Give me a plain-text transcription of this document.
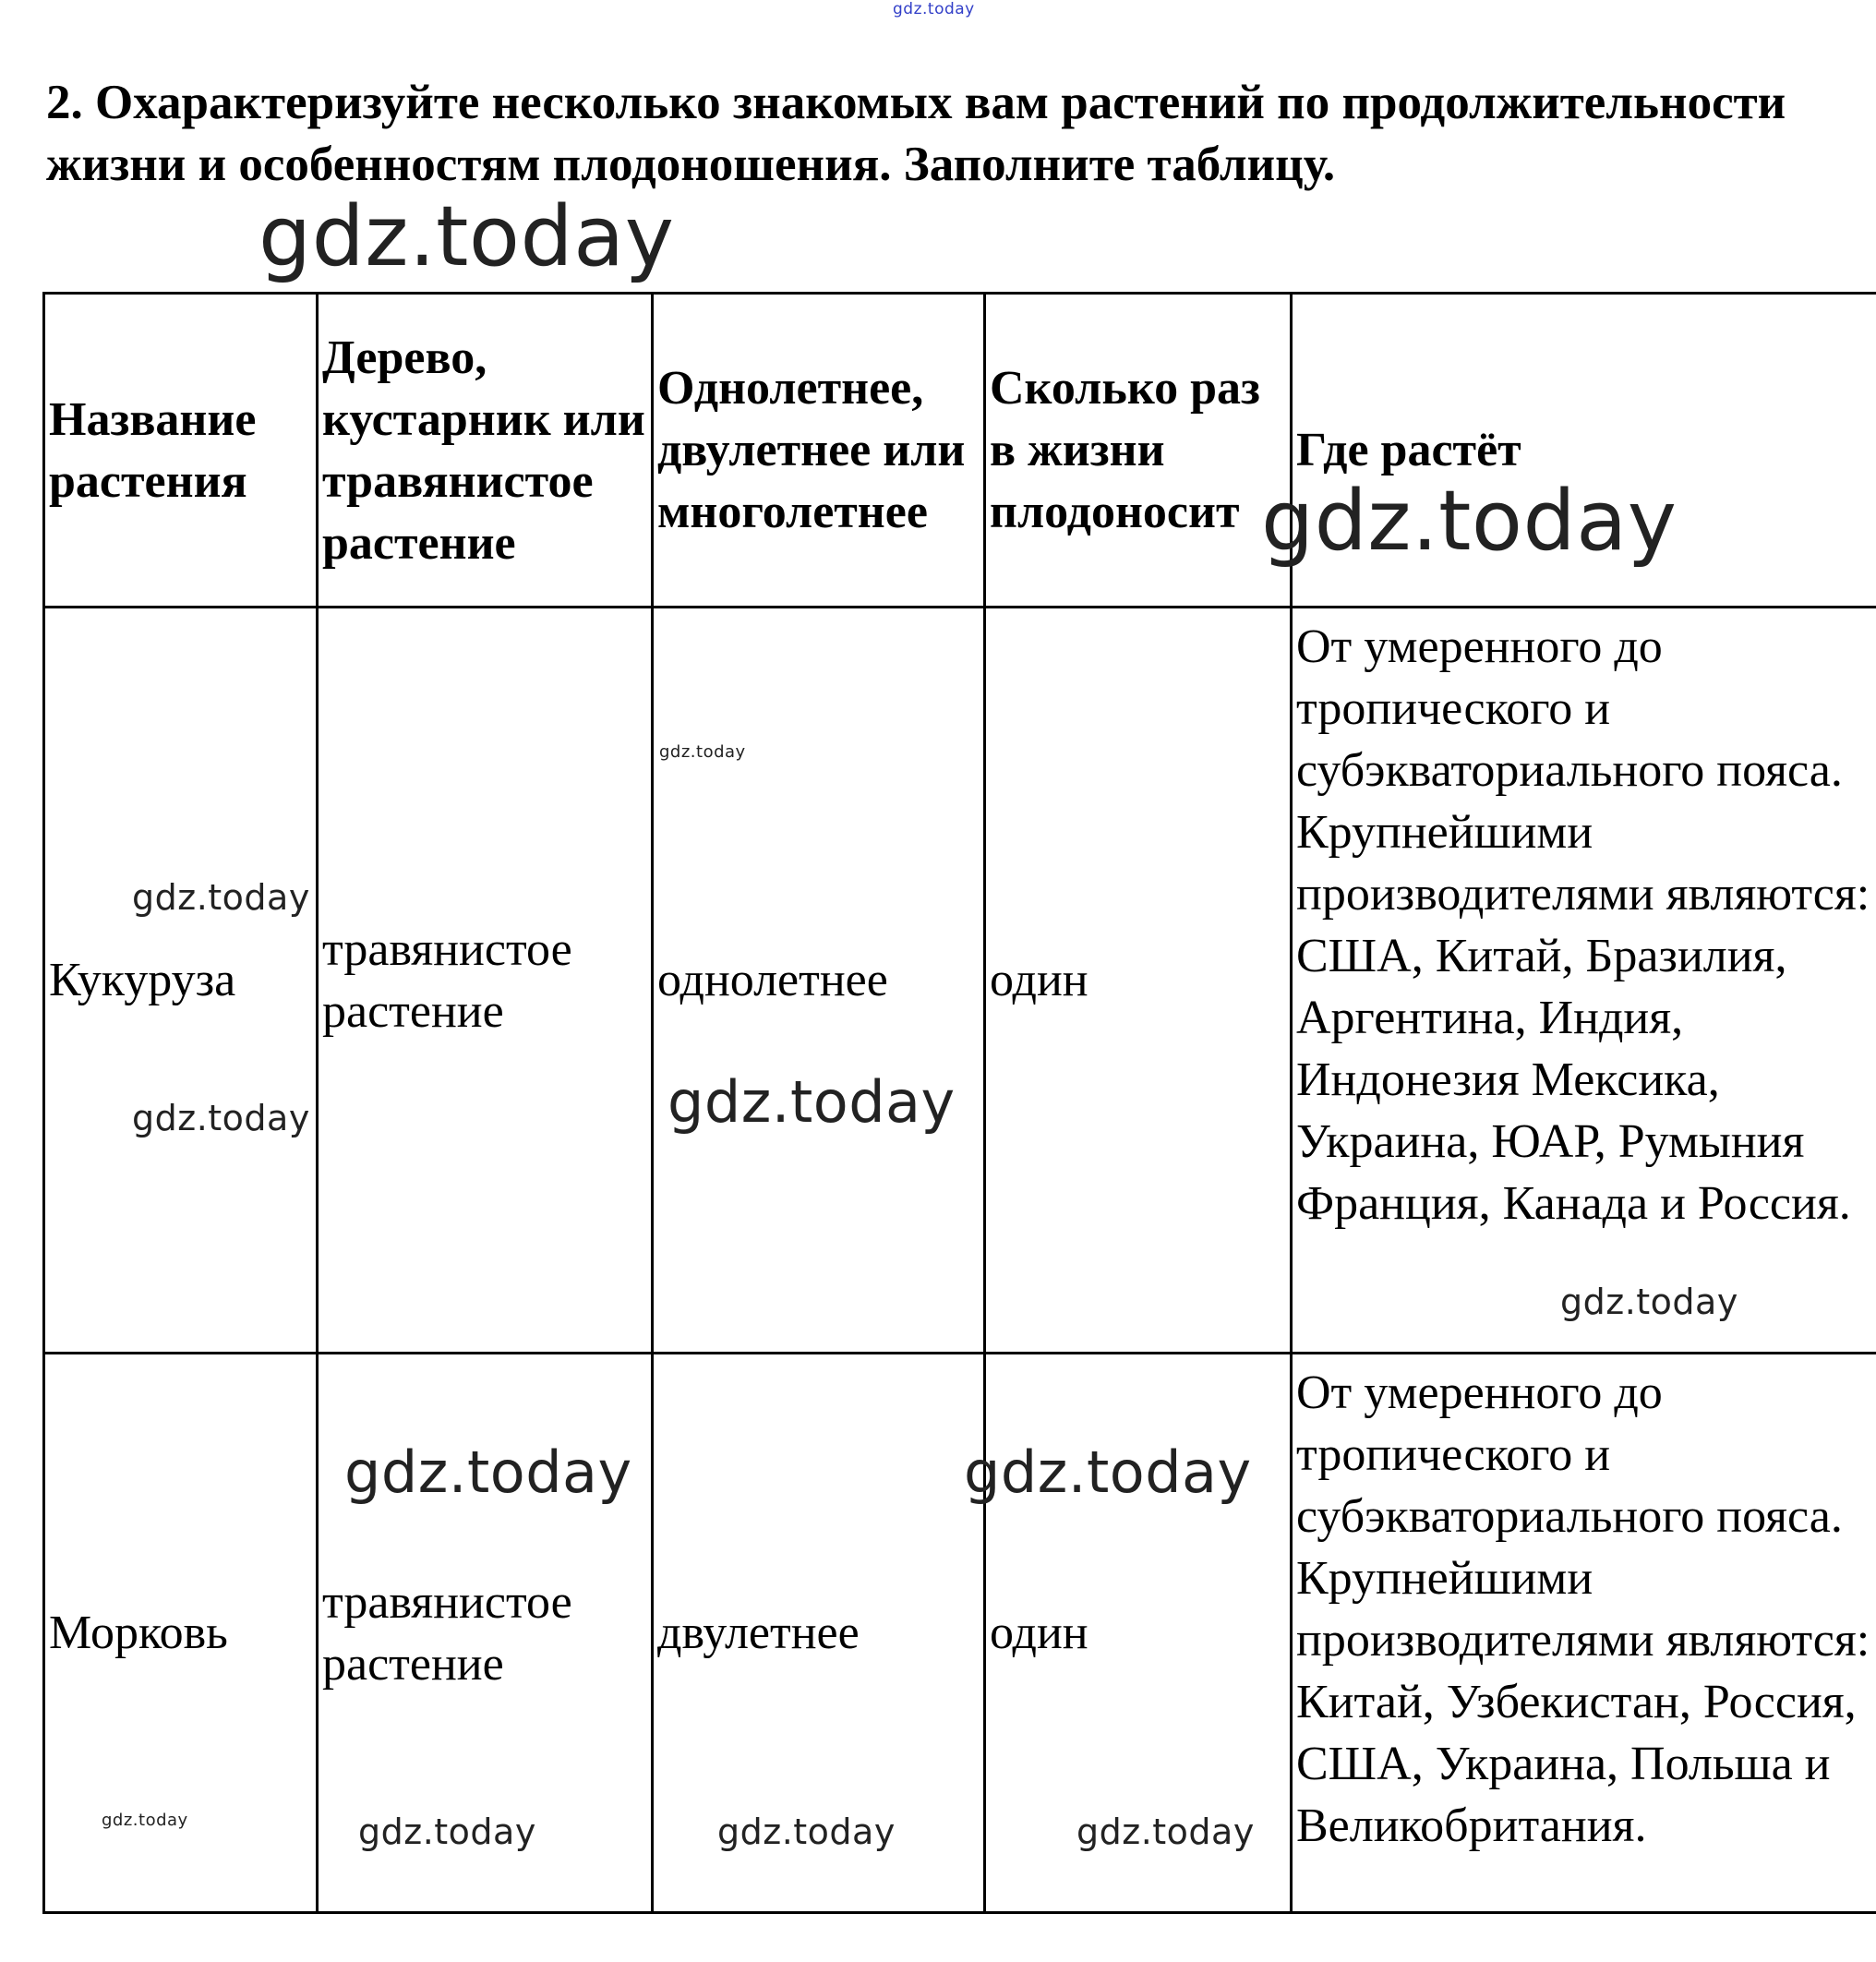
gdz.today
2. Охарактеризуйте несколько знакомых вам растений по продолжительности жизни и особенностям плодоношения. Заполните таблицу.
gdz.today
Название растения	Дерево, кустарник или травянистое растение	Однолетнее, двулетнее или многолетнее	Сколько раз в жизни плодоносит	Где растёт
Кукуруза	травянистое растение	однолетнее	один	От умеренного до тропического и субэкваториального пояса. Крупнейшими производителями являются: США, Китай, Бразилия, Аргентина, Индия, Индонезия Мексика, Украина, ЮАР, Румыния Франция, Канада и Россия.
Морковь	травянистое растение	двулетнее	один	От умеренного до тропического и субэкваториального пояса. Крупнейшими производителями являются: Китай, Узбекистан, Россия, США, Украина, Польша и Великобритания.
gdz.today
gdz.today
gdz.today
gdz.today	gdz.today
gdz.today
gdz.today	gdz.today
gdz.today	gdz.today	gdz.today
gdz.today
